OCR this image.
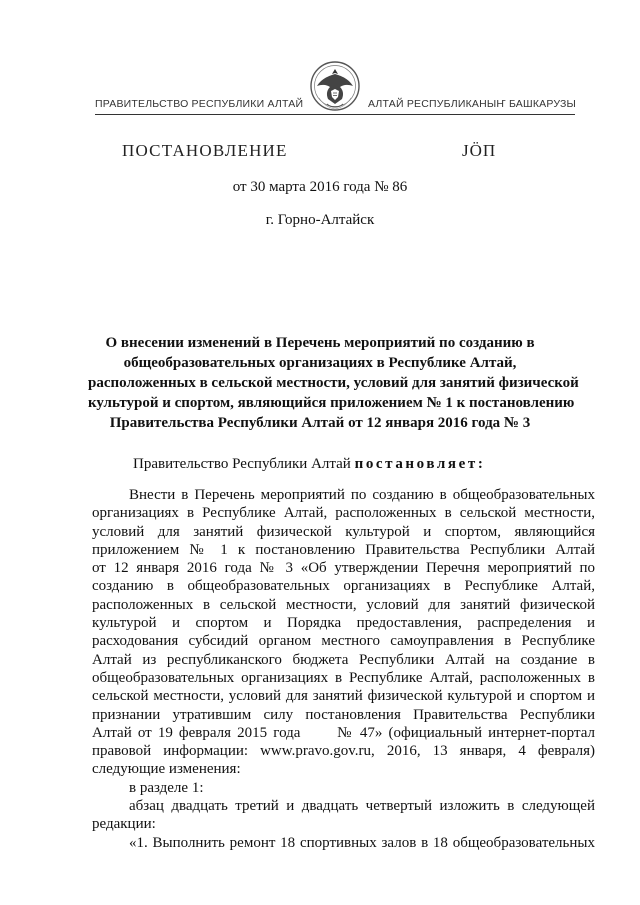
ПРАВИТЕЛЬСТВО РЕСПУБЛИКИ АЛТАЙ	АЛТАЙ РЕСПУБЛИКАНЫҤ БАШКАРУЗЫ
ПОСТАНОВЛЕНИЕ	ЈӦП
от 30 марта 2016 года № 86
г. Горно-Алтайск
О внесении изменений в Перечень мероприятий по созданию в
общеобразовательных организациях в Республике Алтай,
расположенных в сельской местности, условий для занятий физической
культурой и спортом, являющийся приложением № 1 к постановлению
Правительства Республики Алтай от 12 января 2016 года № 3
Правительство Республики Алтай постановляет:
Внести в Перечень мероприятий по созданию в общеобразовательных
организациях в Республике Алтай, расположенных в сельской местности,
условий для занятий физической культурой и спортом, являющийся
приложением № 1 к постановлению Правительства Республики Алтай
от 12 января 2016 года № 3 «Об утверждении Перечня мероприятий по
созданию в общеобразовательных организациях в Республике Алтай,
расположенных в сельской местности, условий для занятий физической
культурой и спортом и Порядка предоставления, распределения и
расходования субсидий органом местного самоуправления в Республике
Алтай из республиканского бюджета Республики Алтай на создание в
общеобразовательных организациях в Республике Алтай, расположенных в
сельской местности, условий для занятий физической культурой и спортом и
признании утратившим силу постановления Правительства Республики
Алтай от 19 февраля 2015 года      № 47» (официальный интернет-портал
правовой информации: www.pravo.gov.ru, 2016, 13 января, 4 февраля)
следующие изменения:
в разделе 1:
абзац двадцать третий и двадцать четвертый изложить в следующей
редакции:
«1. Выполнить ремонт 18 спортивных залов в 18 общеобразовательных
